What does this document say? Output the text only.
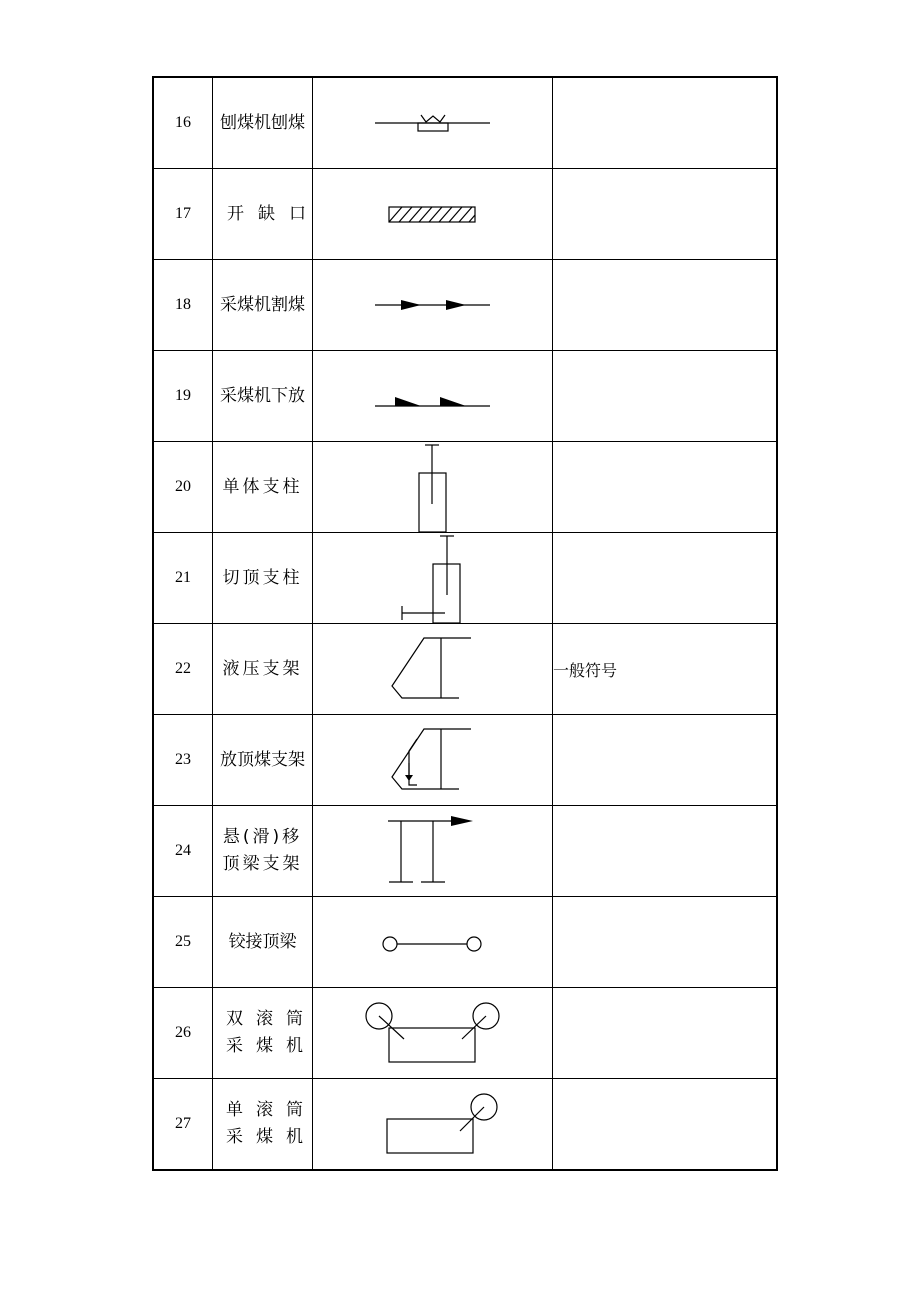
16	刨煤机刨煤

17	开缺口

18	采煤机割煤

19	采煤机下放

20	单体支柱

21	切顶支柱

22	液压支架		一般符号
23	放顶煤支架

24	悬(滑)移
顶梁支架

25	铰接顶梁

26	双滚筒
采煤机

27	单滚筒
采煤机
